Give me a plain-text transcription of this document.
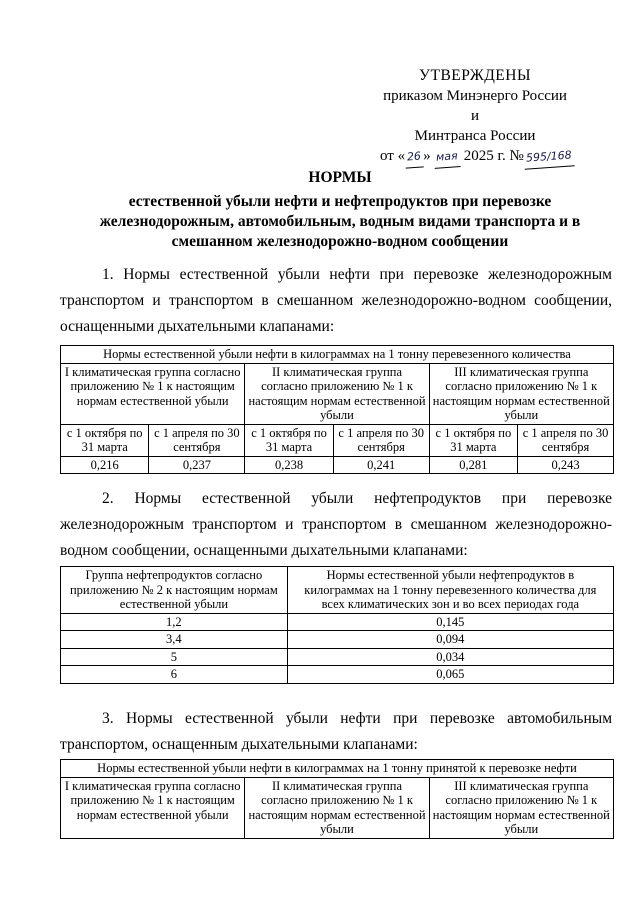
УТВЕРЖДЕНЫ
приказом Минэнерго России и
Минтранса России
от «26 » мая 2025 г. № 595/168
НОРМЫ
естественной убыли нефти и нефтепродуктов при перевозке железнодорожным, автомобильным, водным видами транспорта и в смешанном железнодорожно-водном сообщении
1. Нормы естественной убыли нефти при перевозке железнодорожным транспортом и транспортом в смешанном железнодорожно-водном сообщении, оснащенными дыхательными клапанами:
Нормы естественной убыли нефти в килограммах на 1 тонну перевезенного количества					
I климатическая группа согласно приложению № 1 к настоящим нормам естественной убыли		II климатическая группа согласно приложению № 1 к настоящим нормам естественной убыли		III климатическая группа согласно приложению № 1 к настоящим нормам естественной убыли	
с 1 октября по 31 марта	с 1 апреля по 30 сентября	с 1 октября по 31 марта	с 1 апреля по 30 сентября	с 1 октября по 31 марта	с 1 апреля по 30 сентября
0,216	0,237	0,238	0,241	0,281	0,243
2. Нормы естественной убыли нефтепродуктов при перевозке железнодорожным транспортом и транспортом в смешанном железнодорожно-водном сообщении, оснащенными дыхательными клапанами:
Группа нефтепродуктов согласно приложению № 2 к настоящим нормам естественной убыли	Нормы естественной убыли нефтепродуктов в килограммах на 1 тонну перевезенного количества для всех климатических зон и во всех периодах года
1,2	0,145
3,4	0,094
5	0,034
6	0,065
3. Нормы естественной убыли нефти при перевозке автомобильным транспортом, оснащенным дыхательными клапанами:
Нормы естественной убыли нефти в килограммах на 1 тонну принятой к перевозке нефти
I климатическая группа согласно приложению № 1 к настоящим нормам естественной убыли	II климатическая группа согласно приложению № 1 к настоящим нормам естественной убыли	III климатическая группа согласно приложению № 1 к настоящим нормам естественной убыли
